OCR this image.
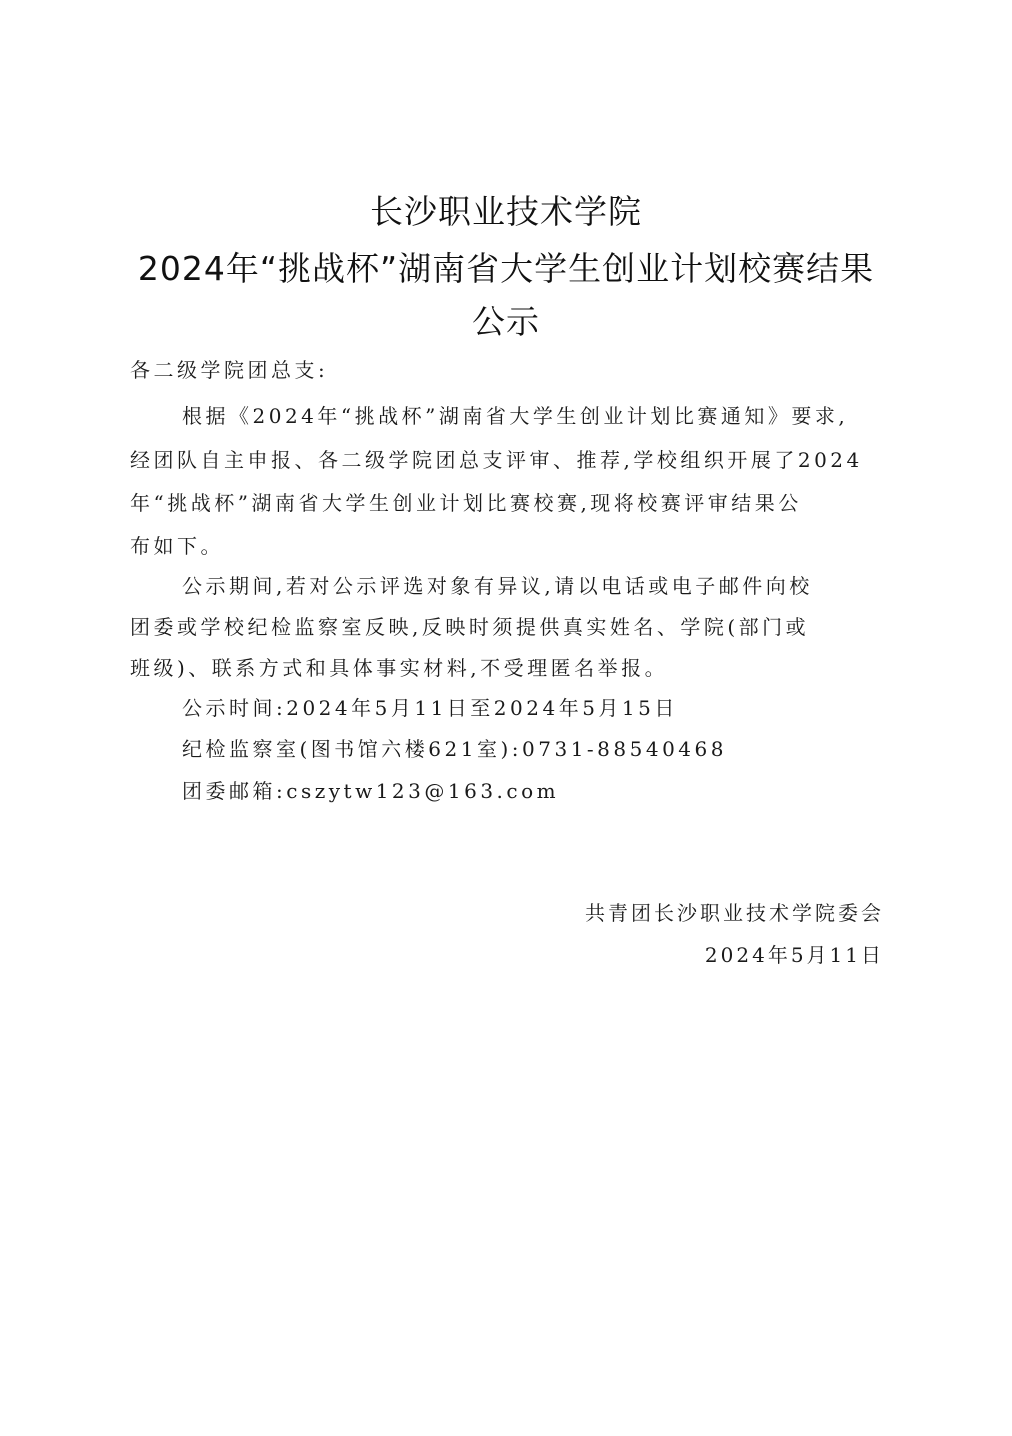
长沙职业技术学院
2024年“挑战杯”湖南省大学生创业计划校赛结果
公示
各二级学院团总支:
根据《2024年“挑战杯”湖南省大学生创业计划比赛通知》要求,
经团队自主申报、各二级学院团总支评审、推荐,学校组织开展了2024
年“挑战杯”湖南省大学生创业计划比赛校赛,现将校赛评审结果公
布如下。
公示期间,若对公示评选对象有异议,请以电话或电子邮件向校
团委或学校纪检监察室反映,反映时须提供真实姓名、学院(部门或
班级)、联系方式和具体事实材料,不受理匿名举报。
公示时间:2024年5月11日至2024年5月15日
纪检监察室(图书馆六楼621室):0731-88540468
团委邮箱:cszytw123@163.com
共青团长沙职业技术学院委会
2024年5月11日
